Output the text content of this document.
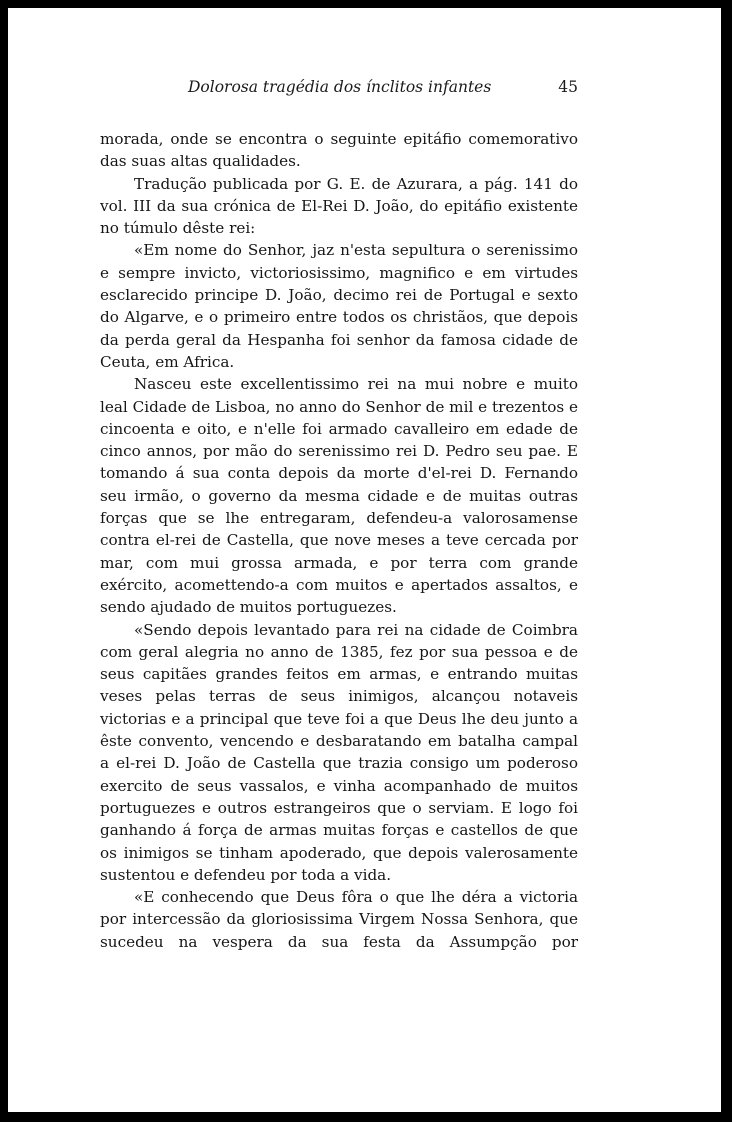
Dolorosa tragédia dos ínclitos infantes	45

morada, onde se encontra o seguinte epitáfio comemorativo das suas altas qualidades.

Tradução publicada por G. E. de Azurara, a pág. 141 do vol. III da sua crónica de El-Rei D. João, do epitáfio existente no túmulo dêste rei:

«Em nome do Senhor, jaz n'esta sepultura o serenissimo e sempre invicto, victoriosissimo, magnifico e em virtudes esclarecido principe D. João, decimo rei de Portugal e sexto do Algarve, e o primeiro entre todos os christãos, que depois da perda geral da Hespanha foi senhor da famosa cidade de Ceuta, em Africa.

Nasceu este excellentissimo rei na mui nobre e muito leal Cidade de Lisboa, no anno do Senhor de mil e trezentos e cincoenta e oito, e n'elle foi armado cavalleiro em edade de cinco annos, por mão do serenissimo rei D. Pedro seu pae. E tomando á sua conta depois da morte d'el-rei D. Fernando seu irmão, o governo da mesma cidade e de muitas outras forças que se lhe entregaram, defendeu-a valorosamense contra el-rei de Castella, que nove meses a teve cercada por mar, com mui grossa armada, e por terra com grande exército, acomettendo-a com muitos e apertados assaltos, e sendo ajudado de muitos portuguezes.

«Sendo depois levantado para rei na cidade de Coimbra com geral alegria no anno de 1385, fez por sua pessoa e de seus capitães grandes feitos em armas, e entrando muitas veses pelas terras de seus inimigos, alcançou notaveis victorias e a principal que teve foi a que Deus lhe deu junto a êste convento, vencendo e desbaratando em batalha campal a el-rei D. João de Castella que trazia consigo um poderoso exercito de seus vassalos, e vinha acompanhado de muitos portuguezes e outros estrangeiros que o serviam. E logo foi ganhando á força de armas muitas forças e castellos de que os inimigos se tinham apoderado, que depois valerosamente sustentou e defendeu por toda a vida.

«E conhecendo que Deus fôra o que lhe déra a victoria por intercessão da gloriosissima Virgem Nossa Senhora, que sucedeu na vespera da sua festa da Assumpção por
